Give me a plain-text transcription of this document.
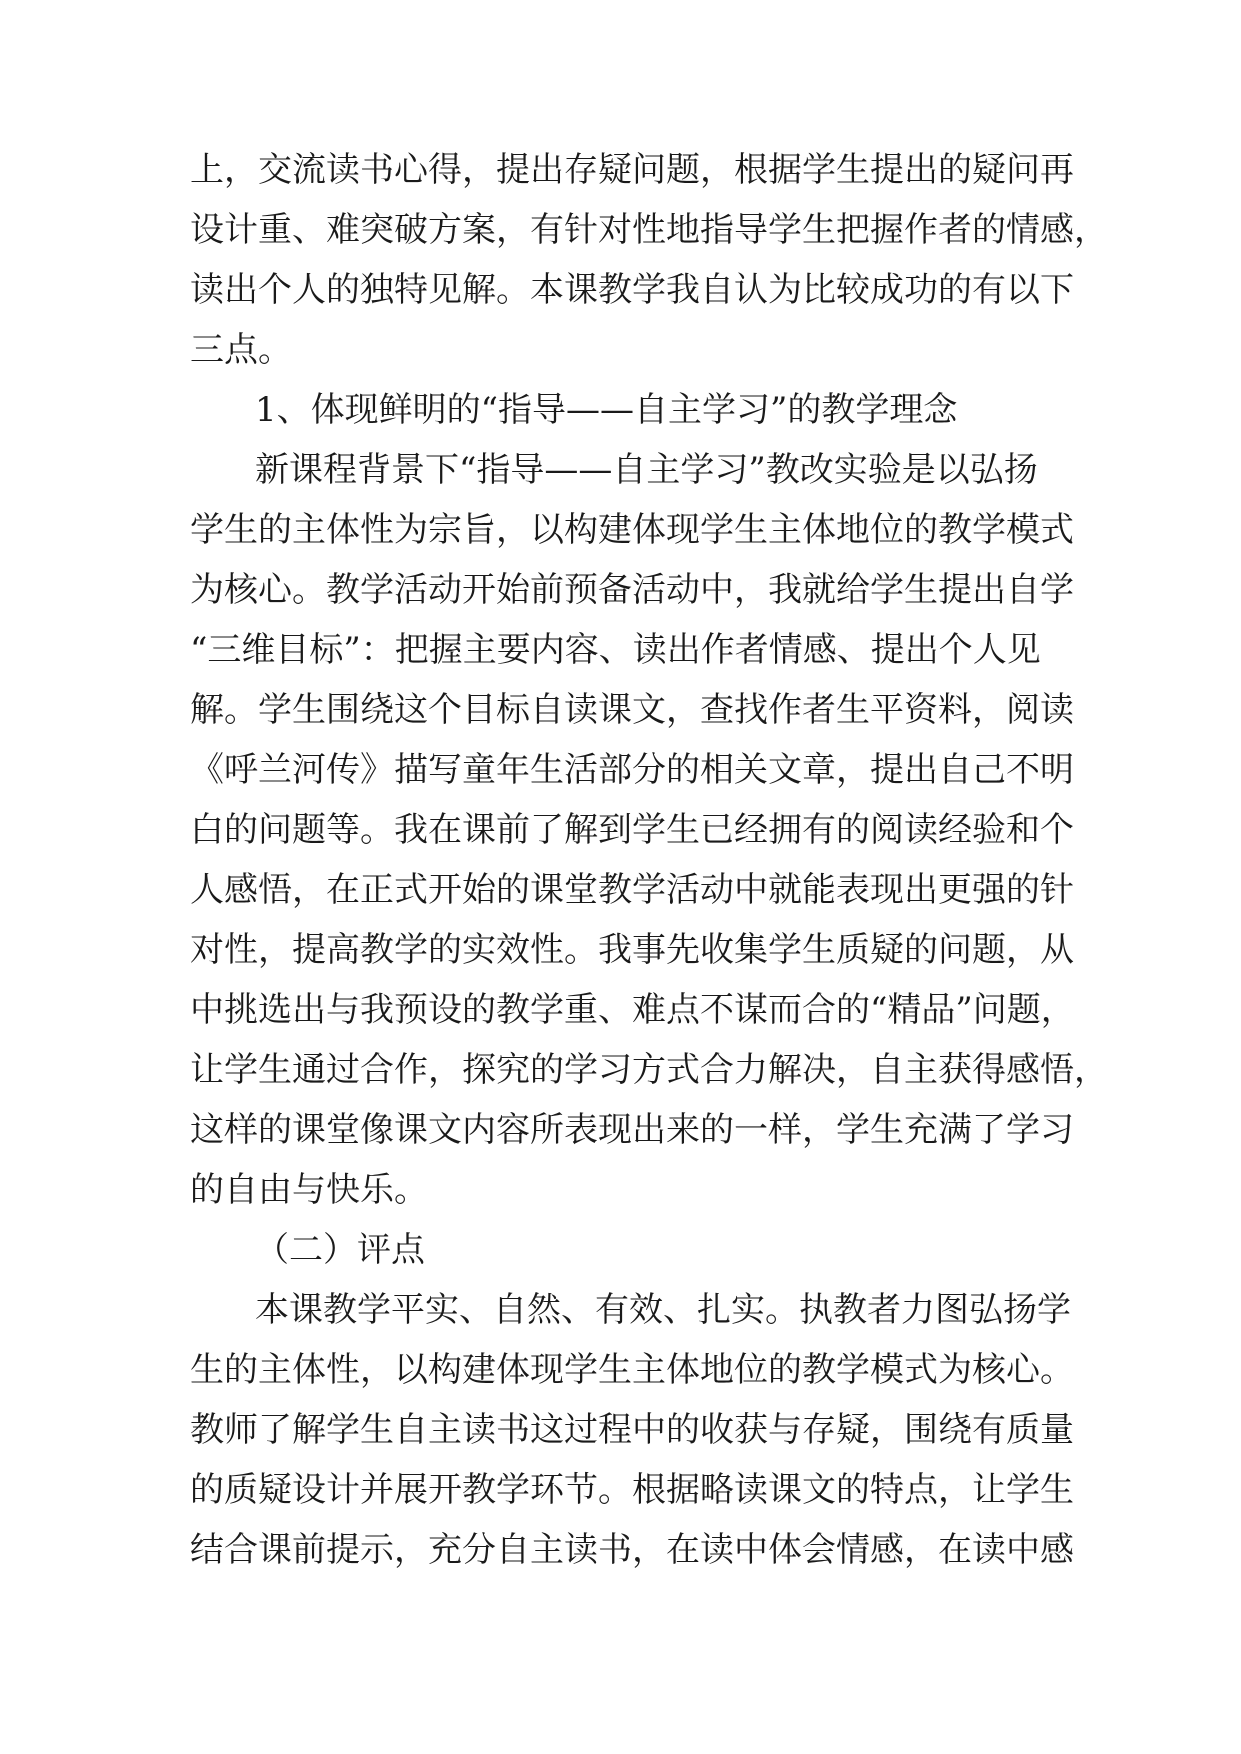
上，交流读书心得，提出存疑问题，根据学生提出的疑问再
设计重、难突破方案，有针对性地指导学生把握作者的情感，
读出个人的独特见解。本课教学我自认为比较成功的有以下
三点。
1、体现鲜明的“指导——自主学习”的教学理念
新课程背景下“指导——自主学习”教改实验是以弘扬
学生的主体性为宗旨，以构建体现学生主体地位的教学模式
为核心。教学活动开始前预备活动中，我就给学生提出自学
“三维目标”：把握主要内容、读出作者情感、提出个人见
解。学生围绕这个目标自读课文，查找作者生平资料，阅读
《呼兰河传》描写童年生活部分的相关文章，提出自己不明
白的问题等。我在课前了解到学生已经拥有的阅读经验和个
人感悟，在正式开始的课堂教学活动中就能表现出更强的针
对性，提高教学的实效性。我事先收集学生质疑的问题，从
中挑选出与我预设的教学重、难点不谋而合的“精品”问题，
让学生通过合作，探究的学习方式合力解决，自主获得感悟，
这样的课堂像课文内容所表现出来的一样，学生充满了学习
的自由与快乐。
（二）评点
本课教学平实、自然、有效、扎实。执教者力图弘扬学
生的主体性，以构建体现学生主体地位的教学模式为核心。
教师了解学生自主读书这过程中的收获与存疑，围绕有质量
的质疑设计并展开教学环节。根据略读课文的特点，让学生
结合课前提示，充分自主读书，在读中体会情感，在读中感
